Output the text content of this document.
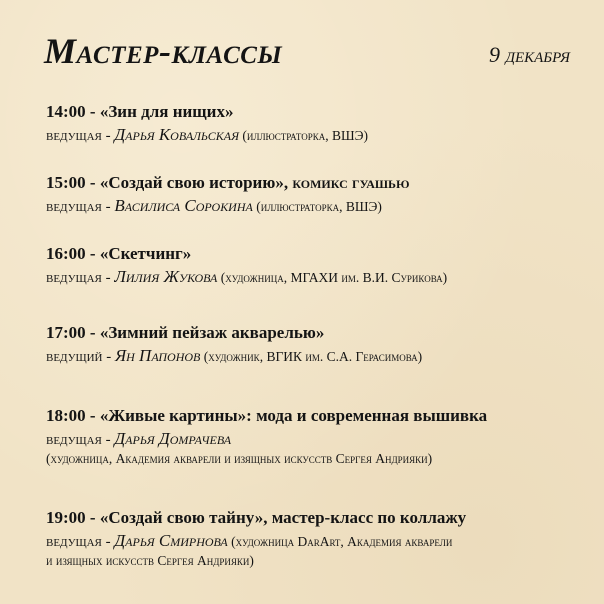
Мастер-классы	9 декабря
14:00 - «Зин для нищих»
ведущая - Дарья Ковальская (иллюстраторка, ВШЭ)
15:00 - «Создай свою историю», комикс гуашью
ведущая - Василиса Сорокина (иллюстраторка, ВШЭ)
16:00 - «Скетчинг»
ведущая - Лилия Жукова (художница, МГАХИ им. В.И. Сурикова)
17:00 - «Зимний пейзаж акварелью»
ведущий - Ян Папонов (художник, ВГИК им. С.А. Герасимова)
18:00 - «Живые картины»: мода и современная вышивка
ведущая - Дарья Домрачева
(художница, Академия акварели и изящных искусств Сергея Андрияки)
19:00 - «Создай свою тайну», мастер-класс по коллажу
ведущая - Дарья Смирнова (художница DarArt, Академия акварели
и изящных искусств Сергея Андрияки)
